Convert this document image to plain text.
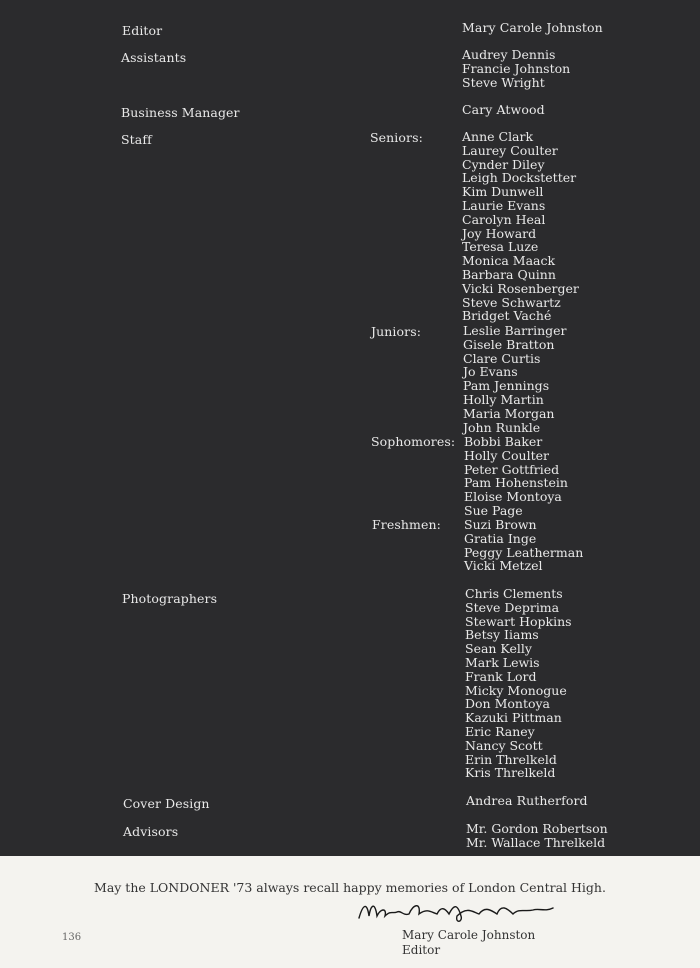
Editor	Mary Carole Johnston
Assistants	Audrey Dennis
Francie Johnston
Steve Wright
Business Manager	Cary Atwood
Staff	Seniors:	Anne Clark
Laurey Coulter
Cynder Diley
Leigh Dockstetter
Kim Dunwell
Laurie Evans
Carolyn Heal
Joy Howard
Teresa Luze
Monica Maack
Barbara Quinn
Vicki Rosenberger
Steve Schwartz
Bridget Vaché
Juniors:	Leslie Barringer
Gisele Bratton
Clare Curtis
Jo Evans
Pam Jennings
Holly Martin
Maria Morgan
John Runkle
Sophomores: Bobbi Baker
Holly Coulter
Peter Gottfried
Pam Hohenstein
Eloise Montoya
Sue Page
Freshmen: Suzi Brown
Gratia Inge
Peggy Leatherman
Vicki Metzel
Photographers	Chris Clements
Steve Deprima
Stewart Hopkins
Betsy Iiams
Sean Kelly
Mark Lewis
Frank Lord
Micky Monogue
Don Montoya
Kazuki Pittman
Eric Raney
Nancy Scott
Erin Threlkeld
Kris Threlkeld
Cover Design	Andrea Rutherford
Advisors	Mr. Gordon Robertson
Mr. Wallace Threlkeld
May the LONDONER '73 always recall happy memories of London Central High.
Mary Carole Johnston
Editor
136
